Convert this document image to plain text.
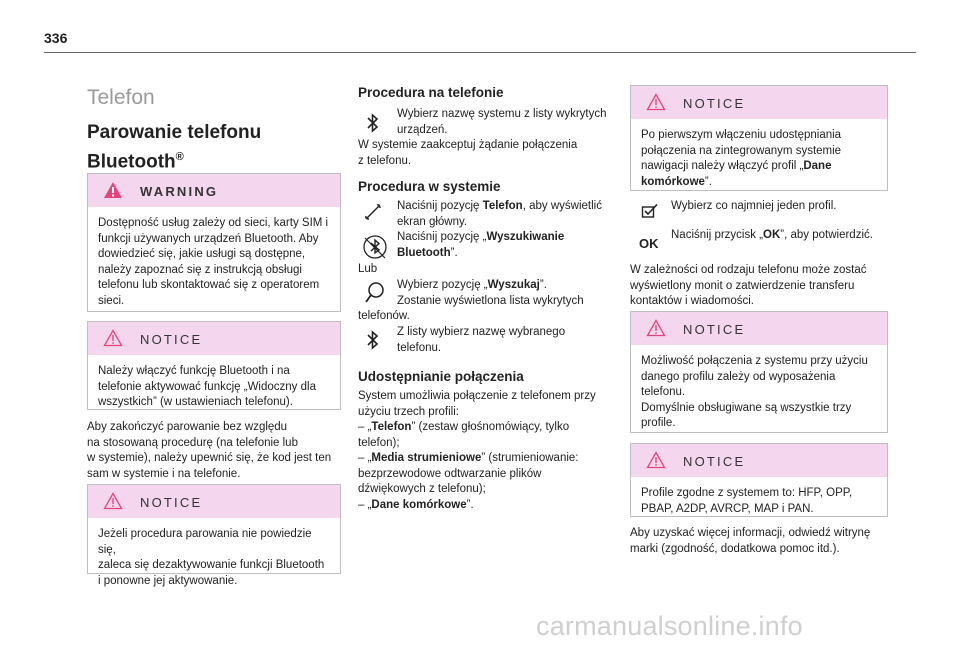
336
Telefon
Parowanie telefonu
Bluetooth®
WARNING
Dostępność usług zależy od sieci, karty SIM i
funkcji używanych urządzeń Bluetooth. Aby
dowiedzieć się, jakie usługi są dostępne,
należy zapoznać się z instrukcją obsługi
telefonu lub skontaktować się z operatorem
sieci.
NOTICE
Należy włączyć funkcję Bluetooth i na
telefonie aktywować funkcję „Widoczny dla
wszystkich” (w ustawieniach telefonu).
Aby zakończyć parowanie bez względu
na stosowaną procedurę (na telefonie lub
w systemie), należy upewnić się, że kod jest ten
sam w systemie i na telefonie.
NOTICE
Jeżeli procedura parowania nie powiedzie się,
zaleca się dezaktywowanie funkcji Bluetooth
i ponowne jej aktywowanie.
Procedura na telefonie
Wybierz nazwę systemu z listy wykrytych
urządzeń.
W systemie zaakceptuj żądanie połączenia
z telefonu.
Procedura w systemie
Naciśnij pozycję Telefon, aby wyświetlić
ekran główny.
Naciśnij pozycję „Wyszukiwanie
Bluetooth”.
Lub
Wybierz pozycję „Wyszukaj”.
Zostanie wyświetlona lista wykrytych
telefonów.
Z listy wybierz nazwę wybranego
telefonu.
Udostępnianie połączenia
System umożliwia połączenie z telefonem przy
użyciu trzech profili:
– „Telefon” (zestaw głośnomówiący, tylko
telefon);
– „Media strumieniowe” (strumieniowanie:
bezprzewodowe odtwarzanie plików
dźwiękowych z telefonu);
– „Dane komórkowe”.
NOTICE
Po pierwszym włączeniu udostępniania
połączenia na zintegrowanym systemie
nawigacji należy włączyć profil „Dane
komórkowe”.
Wybierz co najmniej jeden profil.
OK
Naciśnij przycisk „OK”, aby potwierdzić.
W zależności od rodzaju telefonu może zostać
wyświetlony monit o zatwierdzenie transferu
kontaktów i wiadomości.
NOTICE
Możliwość połączenia z systemu przy użyciu
danego profilu zależy od wyposażenia
telefonu.
Domyślnie obsługiwane są wszystkie trzy
profile.
NOTICE
Profile zgodne z systemem to: HFP, OPP,
PBAP, A2DP, AVRCP, MAP i PAN.
Aby uzyskać więcej informacji, odwiedź witrynę
marki (zgodność, dodatkowa pomoc itd.).
carmanualsonline.info
